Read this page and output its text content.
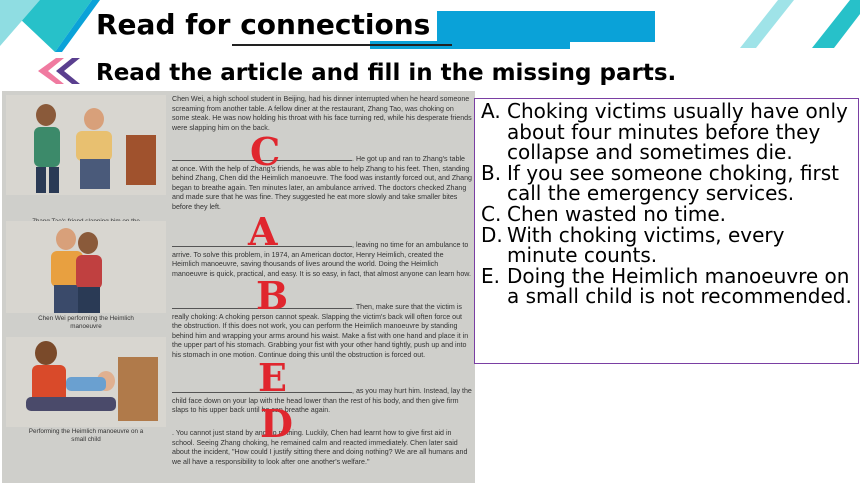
Read for connections
Read the article and fill in the missing parts.
Chen Wei performing the Heimlich manoeuvre
Performing the Heimlich manoeuvre on a small child
Chen Wei, a high school student in Beijing, had his dinner interrupted when he heard someone screaming from another table. A fellow diner at the restaurant, Zhang Tao, was choking on some steak. He was now holding his throat with his face turning red, while his desperate friends were slapping him on the back.
. He got up and ran to Zhang's table at once. With the help of Zhang's friends, he was able to help Zhang to his feet. Then, standing behind Zhang, Chen did the Heimlich manoeuvre. The food was instantly forced out, and Zhang began to breathe again. Ten minutes later, an ambulance arrived. The doctors checked Zhang and made sure that he was fine. They suggested he eat more slowly and take smaller bites before they left.
, leaving no time for an ambulance to arrive. To solve this problem, in 1974, an American doctor, Henry Heimlich, created the Heimlich manoeuvre, saving thousands of lives around the world. Doing the Heimlich manoeuvre is quick, practical, and easy. It is so easy, in fact, that almost anyone can learn how.
. Then, make sure that the victim is really choking: A choking person cannot speak. Slapping the victim's back will often force out the obstruction. If this does not work, you can perform the Heimlich manoeuvre by standing behind him and wrapping your arms around his waist. Make a fist with one hand and place it in the upper part of his stomach. Grabbing your fist with your other hand tightly, push up and into his stomach in one motion. Continue doing this until the obstruction is forced out.
, as you may hurt him. Instead, lay the child face down on your lap with the head lower than the rest of his body, and then give firm slaps to his upper back until he can breathe again.
. You cannot just stand by and do nothing. Luckily, Chen had learnt how to give first aid in school. Seeing Zhang choking, he remained calm and reacted immediately. Chen later said about the incident, "How could I justify sitting there and doing nothing? We are all humans and we all have a responsibility to look after one another's welfare."
C
A
B
E
D
A. Choking victims usually have only about four minutes before they collapse and sometimes die.
B. If you see someone choking, first call the emergency services.
C. Chen wasted no time.
D. With choking victims, every minute counts.
E. Doing the Heimlich manoeuvre on a small child is not recommended.
